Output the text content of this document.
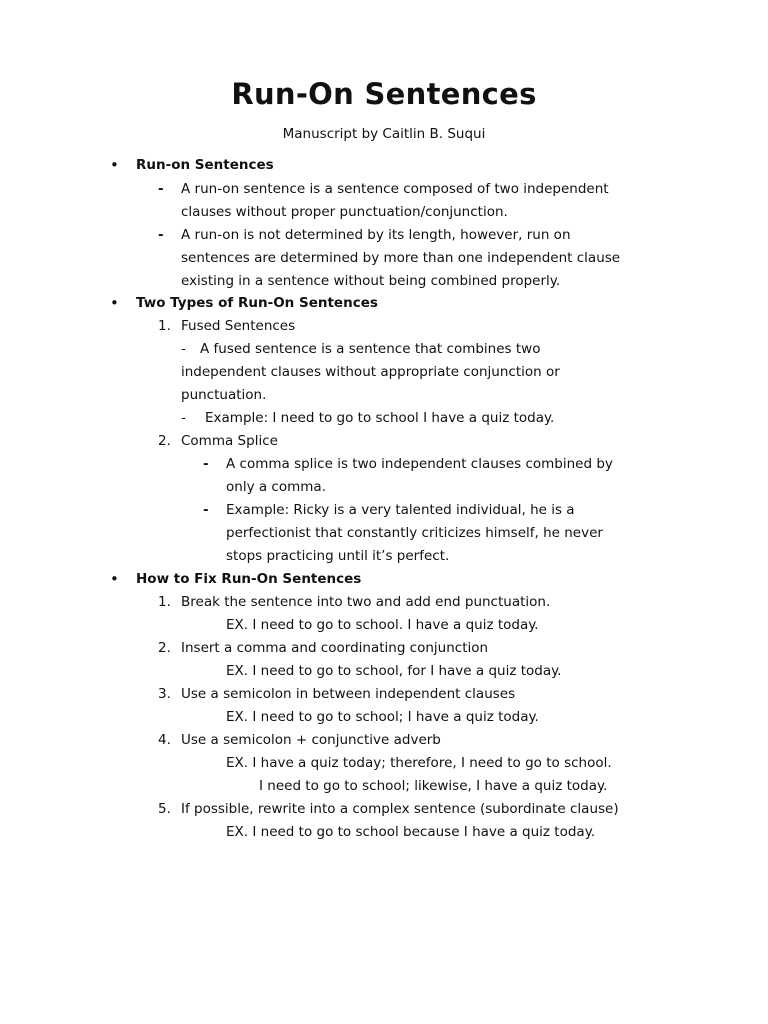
Run-On Sentences
Manuscript by Caitlin B. Suqui
• Run-on Sentences
- A run-on sentence is a sentence composed of two independent
clauses without proper punctuation/conjunction.
- A run-on is not determined by its length, however, run on
sentences are determined by more than one independent clause
existing in a sentence without being combined properly.
• Two Types of Run-On Sentences
1. Fused Sentences
- A fused sentence is a sentence that combines two
independent clauses without appropriate conjunction or
punctuation.
- Example: I need to go to school I have a quiz today.
2. Comma Splice
- A comma splice is two independent clauses combined by
only a comma.
- Example: Ricky is a very talented individual, he is a
perfectionist that constantly criticizes himself, he never
stops practicing until it’s perfect.
• How to Fix Run-On Sentences
1. Break the sentence into two and add end punctuation.
EX. I need to go to school. I have a quiz today.
2. Insert a comma and coordinating conjunction
EX. I need to go to school, for I have a quiz today.
3. Use a semicolon in between independent clauses
EX. I need to go to school; I have a quiz today.
4. Use a semicolon + conjunctive adverb
EX. I have a quiz today; therefore, I need to go to school.
I need to go to school; likewise, I have a quiz today.
5. If possible, rewrite into a complex sentence (subordinate clause)
EX. I need to go to school because I have a quiz today.
